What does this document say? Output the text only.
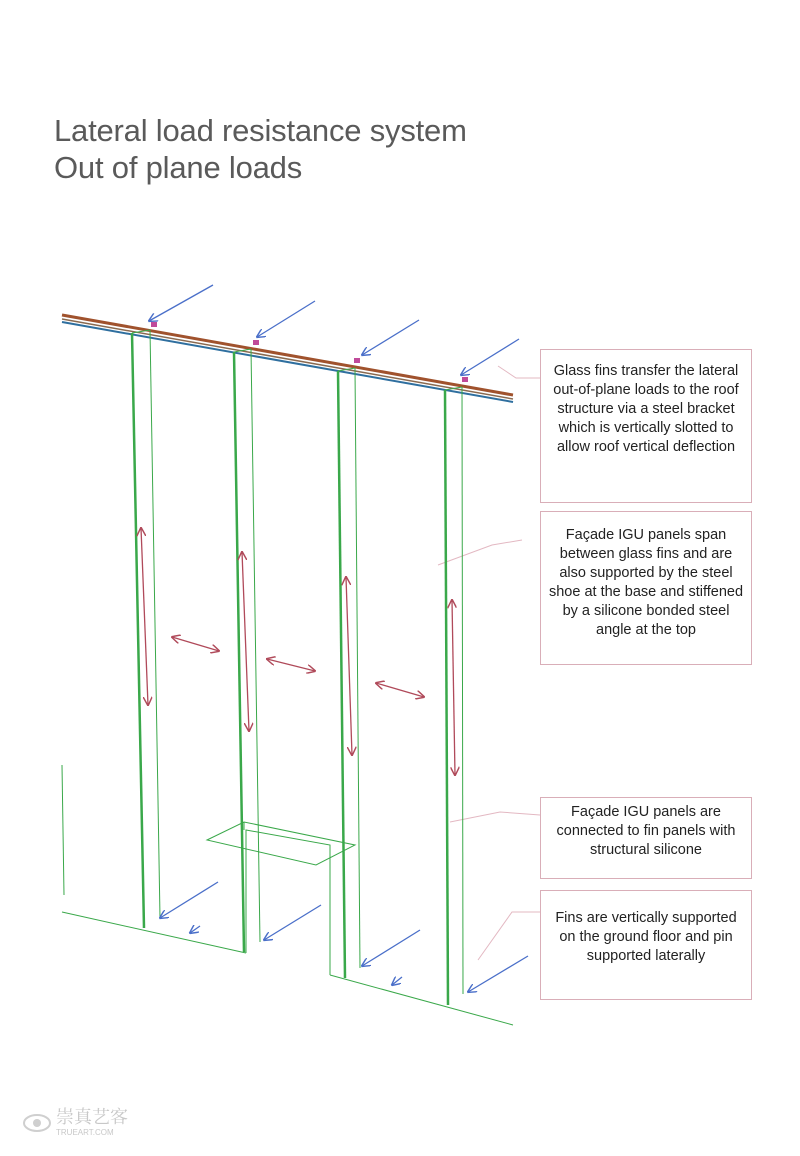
Lateral load resistance system
Out of plane loads
Glass fins transfer the lateral out-of-plane loads to the roof structure via a steel bracket which is vertically slotted to allow roof vertical deflection
Façade IGU panels span between glass fins and are also supported by the steel shoe at the base and stiffened by a silicone bonded steel angle at the top
Façade IGU panels are connected to fin panels with structural silicone
Fins are vertically supported on the ground floor and pin supported laterally
崇真艺客
TRUEART.COM
